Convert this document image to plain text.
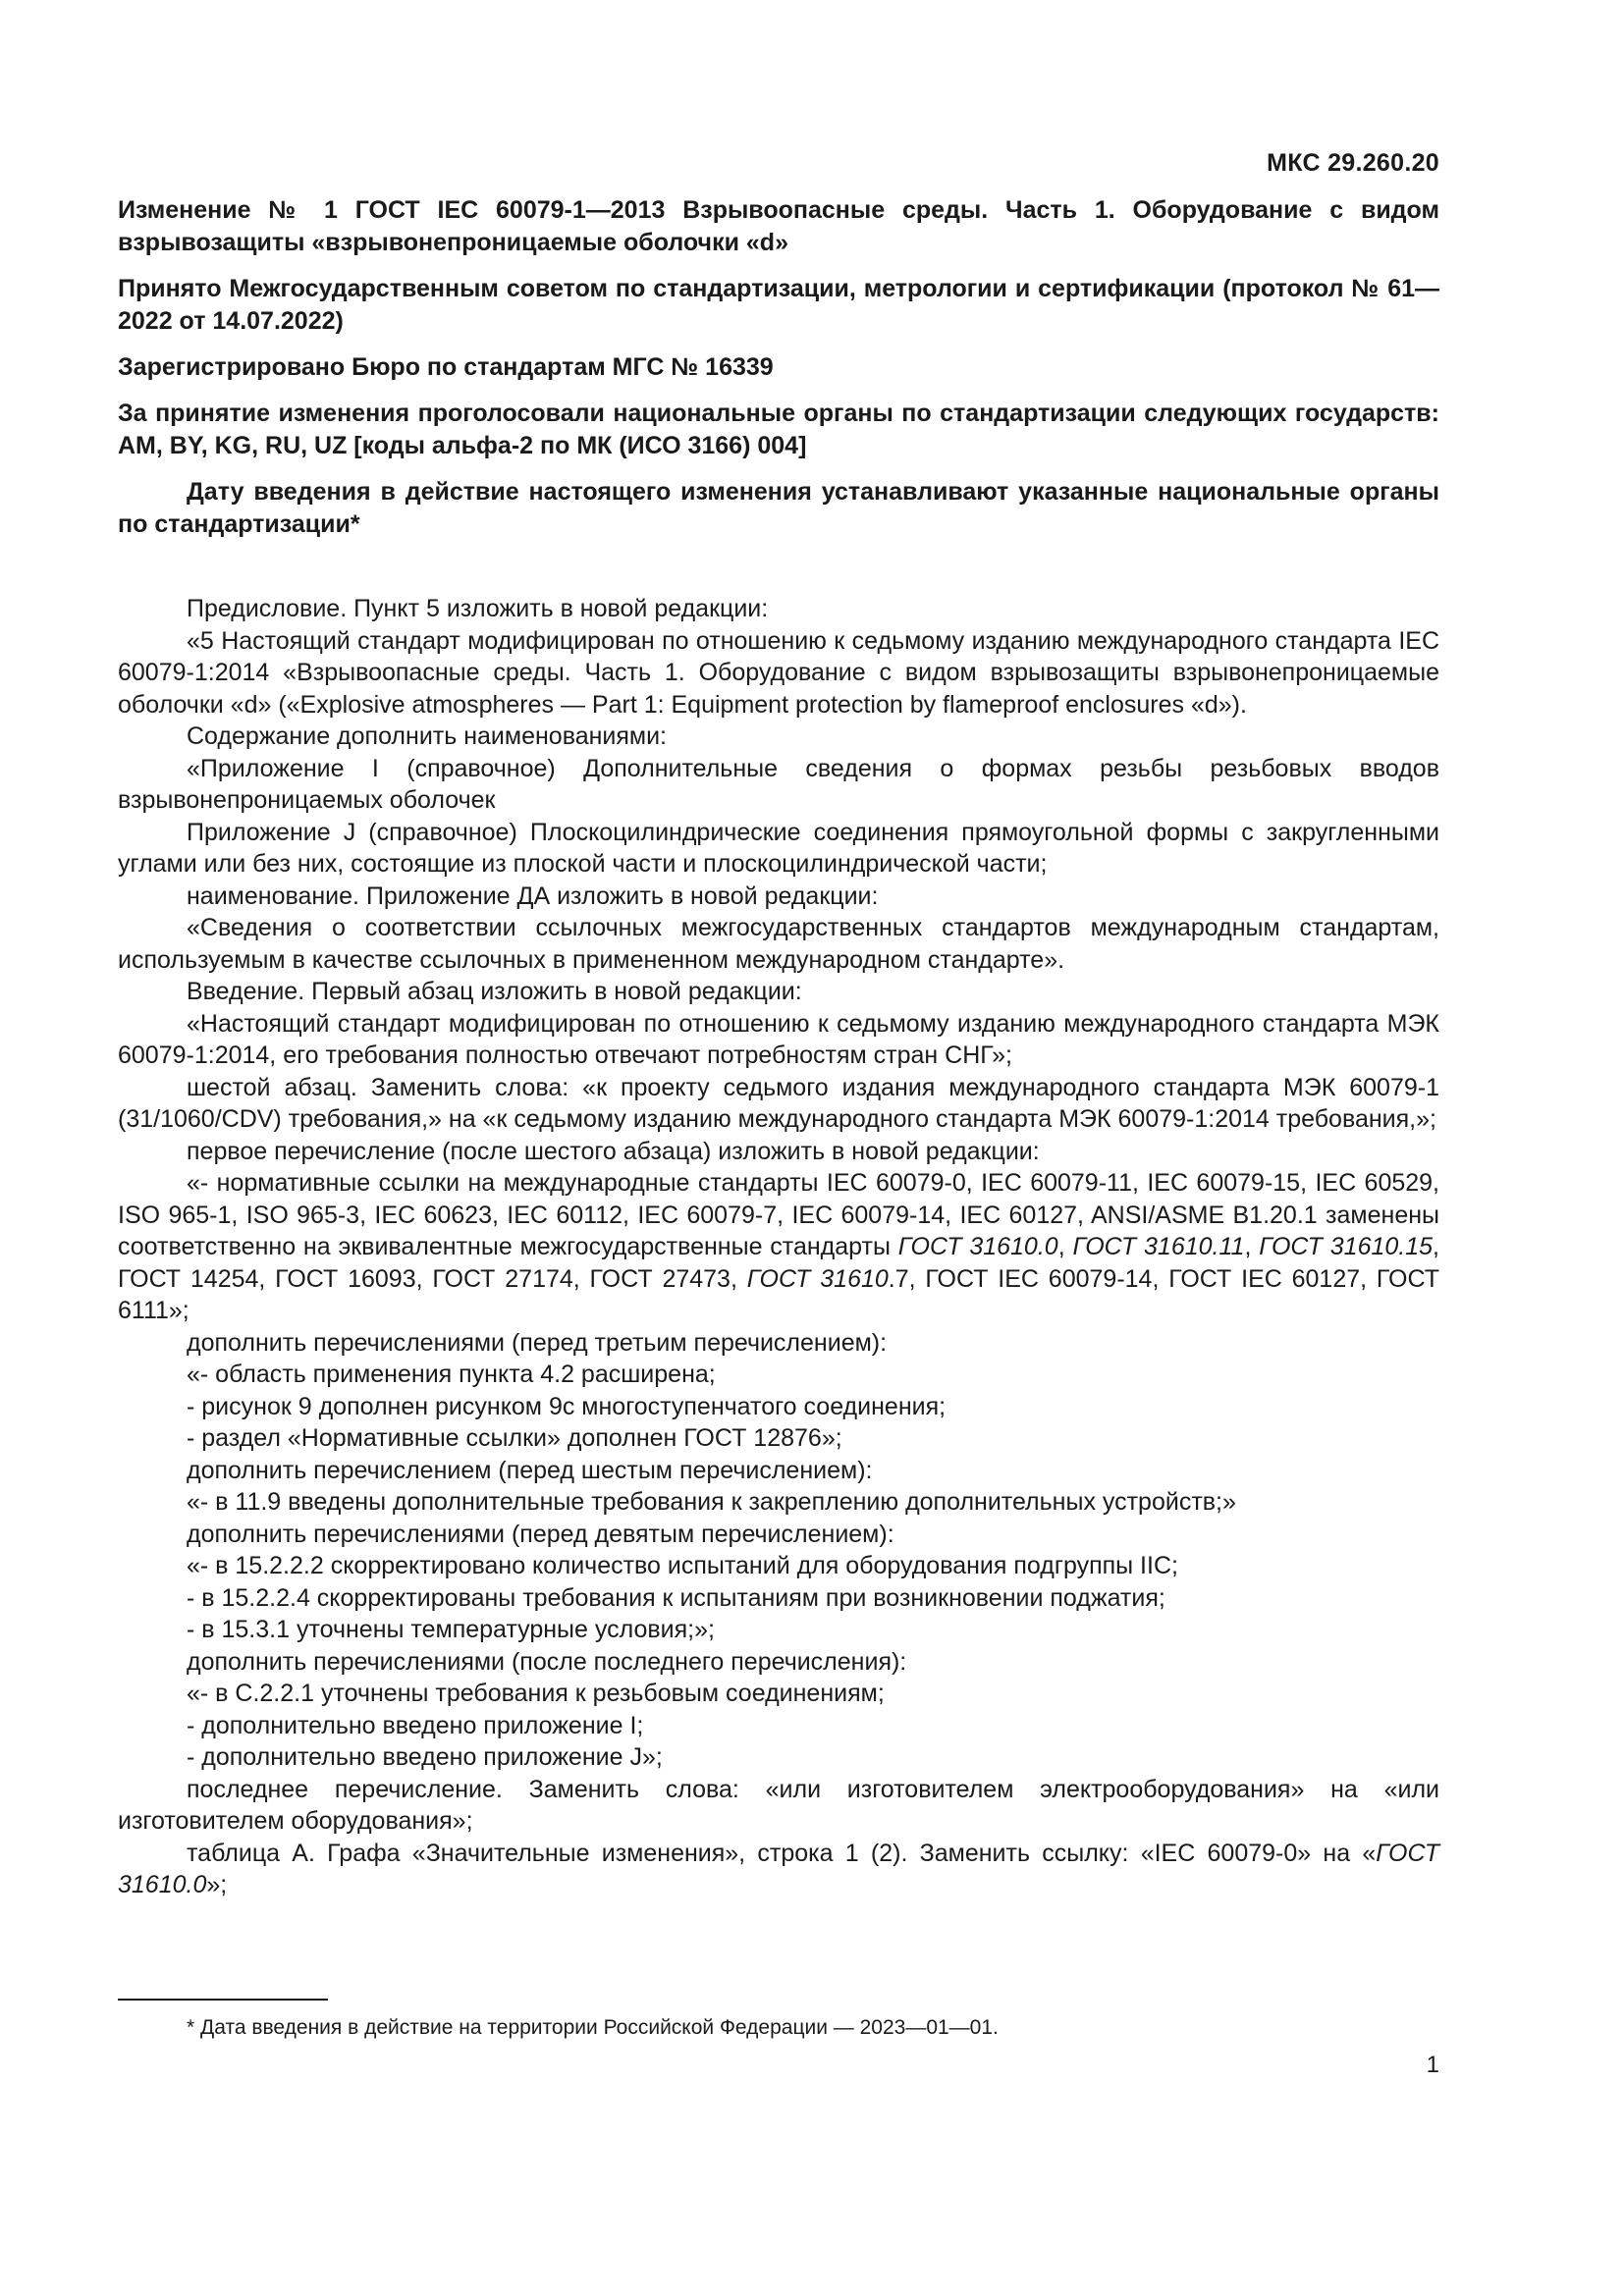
МКС 29.260.20

Изменение № 1 ГОСТ IEC 60079-1—2013 Взрывоопасные среды. Часть 1. Оборудование с видом взрывозащиты «взрывонепроницаемые оболочки «d»

Принято Межгосударственным советом по стандартизации, метрологии и сертификации (протокол № 61—2022 от 14.07.2022)

Зарегистрировано Бюро по стандартам МГС № 16339

За принятие изменения проголосовали национальные органы по стандартизации следующих государств: AM, BY, KG, RU, UZ [коды альфа-2 по МК (ИСО 3166) 004]

Дату введения в действие настоящего изменения устанавливают указанные национальные органы по стандартизации*

Предисловие. Пункт 5 изложить в новой редакции:

«5 Настоящий стандарт модифицирован по отношению к седьмому изданию международного стандарта IEC 60079-1:2014 «Взрывоопасные среды. Часть 1. Оборудование с видом взрывозащиты взрывонепроницаемые оболочки «d» («Explosive atmospheres — Part 1: Equipment protection by flameproof enclosures «d»).

Содержание дополнить наименованиями:

«Приложение I (справочное) Дополнительные сведения о формах резьбы резьбовых вводов взрывонепроницаемых оболочек

Приложение J (справочное) Плоскоцилиндрические соединения прямоугольной формы с закругленными углами или без них, состоящие из плоской части и плоскоцилиндрической части;

наименование. Приложение ДА изложить в новой редакции:

«Сведения о соответствии ссылочных межгосударственных стандартов международным стандартам, используемым в качестве ссылочных в примененном международном стандарте».

Введение. Первый абзац изложить в новой редакции:

«Настоящий стандарт модифицирован по отношению к седьмому изданию международного стандарта МЭК 60079-1:2014, его требования полностью отвечают потребностям стран СНГ»;

шестой абзац. Заменить слова: «к проекту седьмого издания международного стандарта МЭК 60079-1 (31/1060/CDV) требования,» на «к седьмому изданию международного стандарта МЭК 60079-1:2014 требования,»;

первое перечисление (после шестого абзаца) изложить в новой редакции:

«- нормативные ссылки на международные стандарты IEC 60079-0, IEC 60079-11, IEC 60079-15, IEC 60529, ISO 965-1, ISO 965-3, IEC 60623, IEC 60112, IEC 60079-7, IEC 60079-14, IEC 60127, ANSI/ASME B1.20.1 заменены соответственно на эквивалентные межгосударственные стандарты ГОСТ 31610.0, ГОСТ 31610.11, ГОСТ 31610.15, ГОСТ 14254, ГОСТ 16093, ГОСТ 27174, ГОСТ 27473, ГОСТ 31610.7, ГОСТ IEC 60079-14, ГОСТ IEC 60127, ГОСТ 6111»;

дополнить перечислениями (перед третьим перечислением):

«- область применения пункта 4.2 расширена;

- рисунок 9 дополнен рисунком 9с многоступенчатого соединения;

- раздел «Нормативные ссылки» дополнен ГОСТ 12876»;

дополнить перечислением (перед шестым перечислением):

«- в 11.9 введены дополнительные требования к закреплению дополнительных устройств;»

дополнить перечислениями (перед девятым перечислением):

«- в 15.2.2.2 скорректировано количество испытаний для оборудования подгруппы IIC;

- в 15.2.2.4 скорректированы требования к испытаниям при возникновении поджатия;

- в 15.3.1 уточнены температурные условия;»;

дополнить перечислениями (после последнего перечисления):

«- в С.2.2.1 уточнены требования к резьбовым соединениям;

- дополнительно введено приложение I;

- дополнительно введено приложение J»;

последнее перечисление. Заменить слова: «или изготовителем электрооборудования» на «или изготовителем оборудования»;

таблица А. Графа «Значительные изменения», строка 1 (2). Заменить ссылку: «IEC 60079-0» на «ГОСТ 31610.0»;

* Дата введения в действие на территории Российской Федерации — 2023—01—01.
1
